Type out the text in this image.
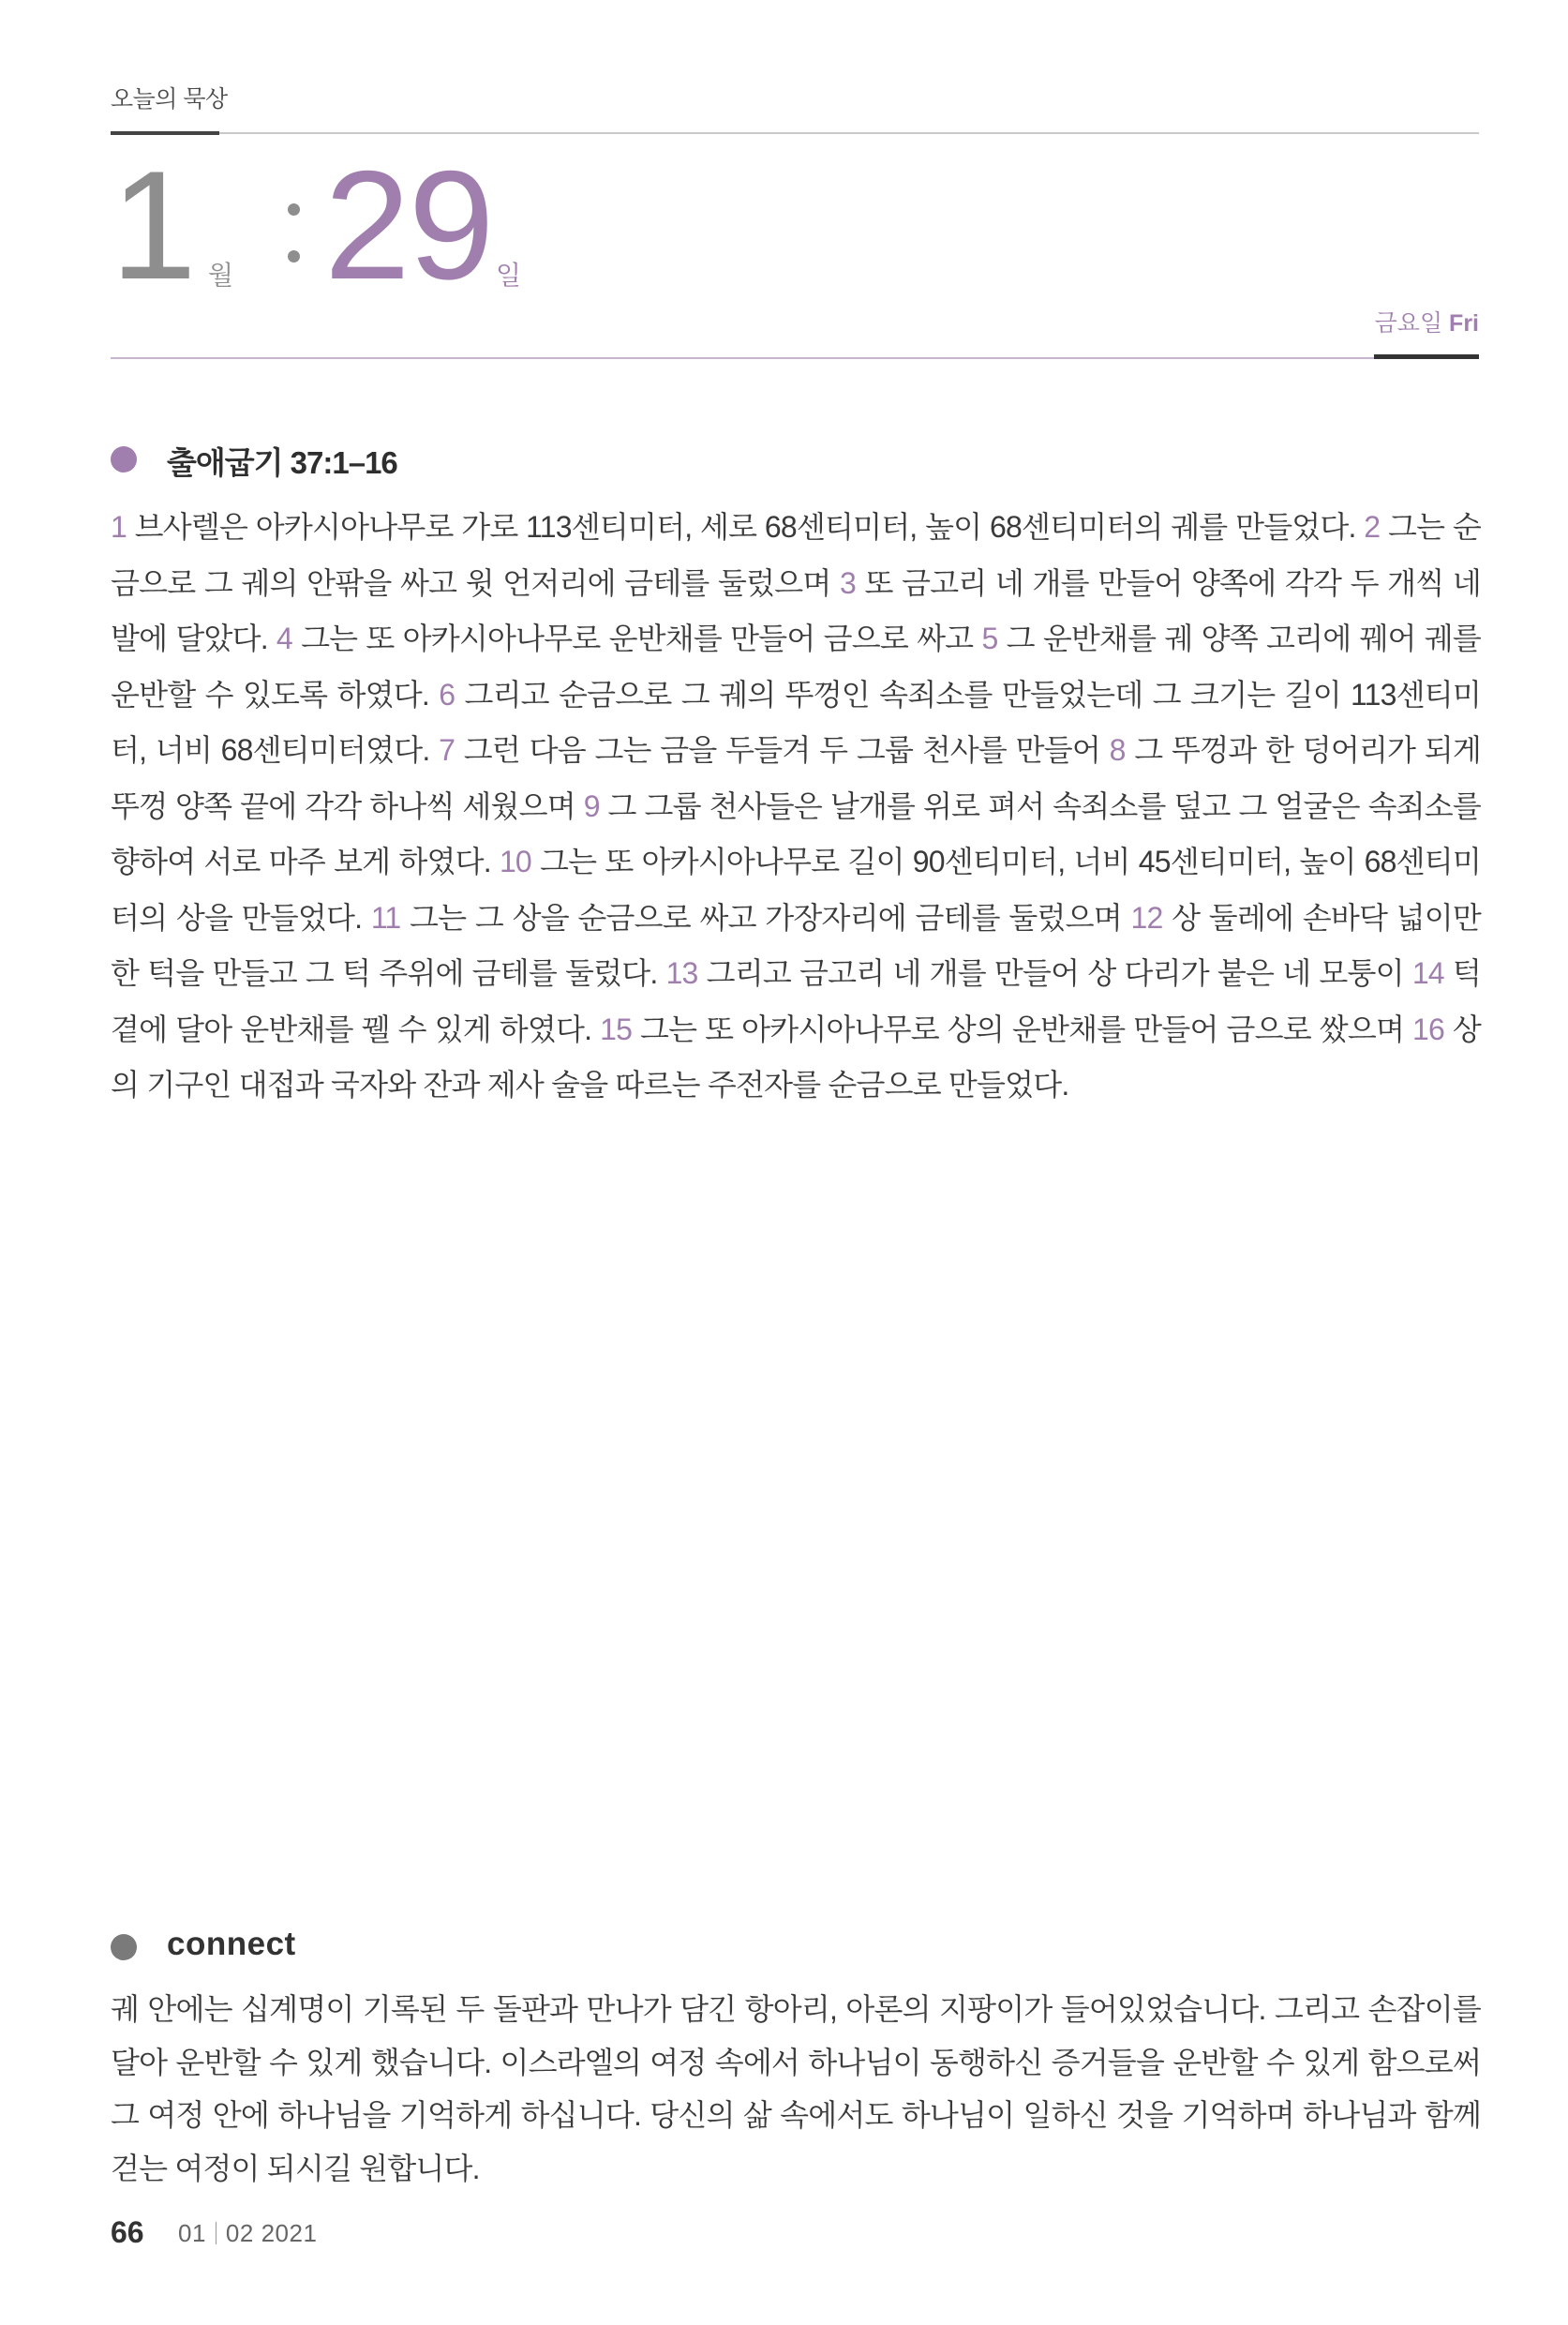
오늘의 묵상
1 월 29 일
금요일 Fri
출애굽기 37:1–16
1 브사렐은 아카시아나무로 가로 113센티미터, 세로 68센티미터, 높이 68센티미터의 궤를 만들었다. 2 그는 순금으로 그 궤의 안팎을 싸고 윗 언저리에 금테를 둘렀으며 3 또 금고리 네 개를 만들어 양쪽에 각각 두 개씩 네 발에 달았다. 4 그는 또 아카시아나무로 운반채를 만들어 금으로 싸고 5 그 운반채를 궤 양쪽 고리에 꿰어 궤를 운반할 수 있도록 하였다. 6 그리고 순금으로 그 궤의 뚜껑인 속죄소를 만들었는데 그 크기는 길이 113센티미터, 너비 68센티미터였다. 7 그런 다음 그는 금을 두들겨 두 그룹 천사를 만들어 8 그 뚜껑과 한 덩어리가 되게 뚜껑 양쪽 끝에 각각 하나씩 세웠으며 9 그 그룹 천사들은 날개를 위로 펴서 속죄소를 덮고 그 얼굴은 속죄소를 향하여 서로 마주 보게 하였다. 10 그는 또 아카시아나무로 길이 90센티미터, 너비 45센티미터, 높이 68센티미터의 상을 만들었다. 11 그는 그 상을 순금으로 싸고 가장자리에 금테를 둘렀으며 12 상 둘레에 손바닥 넓이만한 턱을 만들고 그 턱 주위에 금테를 둘렀다. 13 그리고 금고리 네 개를 만들어 상 다리가 붙은 네 모퉁이 14 턱 곁에 달아 운반채를 꿸 수 있게 하였다. 15 그는 또 아카시아나무로 상의 운반채를 만들어 금으로 쌌으며 16 상의 기구인 대접과 국자와 잔과 제사 술을 따르는 주전자를 순금으로 만들었다.
connect
궤 안에는 십계명이 기록된 두 돌판과 만나가 담긴 항아리, 아론의 지팡이가 들어있었습니다. 그리고 손잡이를 달아 운반할 수 있게 했습니다. 이스라엘의 여정 속에서 하나님이 동행하신 증거들을 운반할 수 있게 함으로써 그 여정 안에 하나님을 기억하게 하십니다. 당신의 삶 속에서도 하나님이 일하신 것을 기억하며 하나님과 함께 걷는 여정이 되시길 원합니다.
66 01 02 2021
